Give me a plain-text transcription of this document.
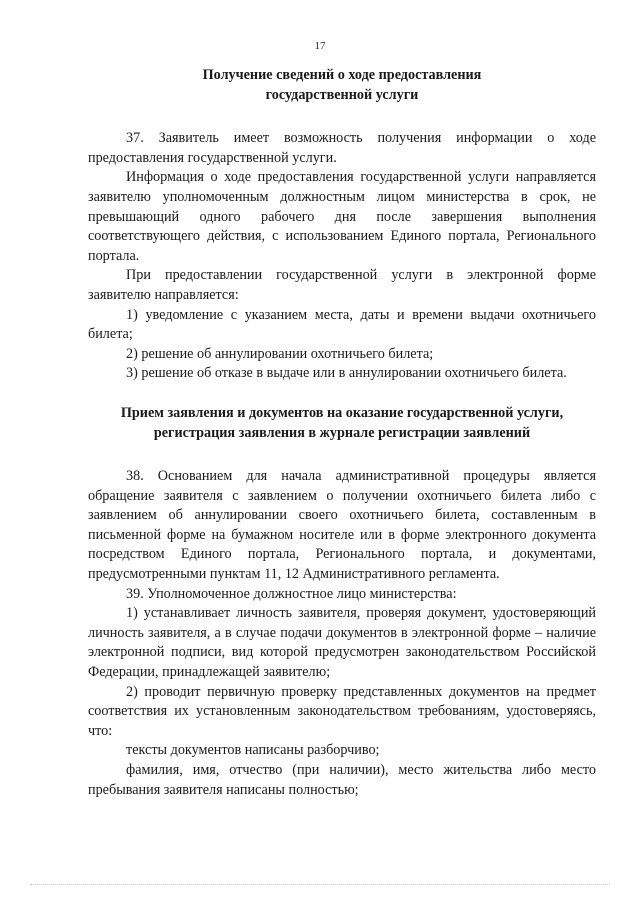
17
Получение сведений о ходе предоставления
государственной услуги

37. Заявитель имеет возможность получения информации о ходе предоставления государственной услуги.

Информация о ходе предоставления государственной услуги направляется заявителю уполномоченным должностным лицом министерства в срок, не превышающий одного рабочего дня после завершения выполнения соответствующего действия, с использованием Единого портала, Регионального портала.

При предоставлении государственной услуги в электронной форме заявителю направляется:

1) уведомление с указанием места, даты и времени выдачи охотничьего билета;

2) решение об аннулировании охотничьего билета;

3) решение об отказе в выдаче или в аннулировании охотничьего билета.

Прием заявления и документов на оказание государственной услуги,
регистрация заявления в журнале регистрации заявлений

38. Основанием для начала административной процедуры является обращение заявителя с заявлением о получении охотничьего билета либо с заявлением об аннулировании своего охотничьего билета, составленным в письменной форме на бумажном носителе или в форме электронного документа посредством Единого портала, Регионального портала, и документами, предусмотренными пунктам 11, 12 Административного регламента.

39. Уполномоченное должностное лицо министерства:

1) устанавливает личность заявителя, проверяя документ, удостоверяющий личность заявителя, а в случае подачи документов в электронной форме – наличие электронной подписи, вид которой предусмотрен законодательством Российской Федерации, принадлежащей заявителю;

2) проводит первичную проверку представленных документов на предмет соответствия их установленным законодательством требованиям, удостоверяясь, что:

тексты документов написаны разборчиво;

фамилия, имя, отчество (при наличии), место жительства либо место пребывания заявителя написаны полностью;
